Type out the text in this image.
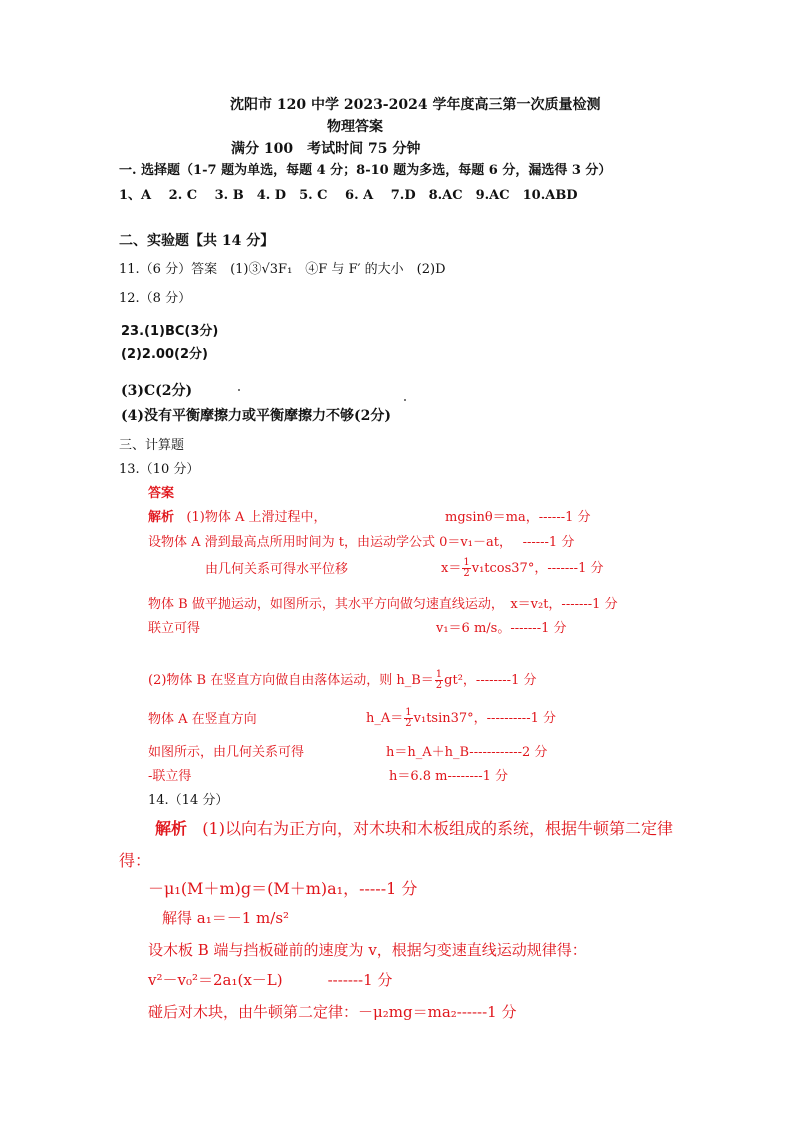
沈阳市 120 中学 2023-2024 学年度高三第一次质量检测
物理答案
满分 100　考试时间 75 分钟
一. 选择题（1-7 题为单选，每题 4 分；8-10 题为多选，每题 6 分，漏选得 3 分）
1、A　 2. C　 3. B　4. D　5. C　 6. A　 7.D　8.AC　9.AC　10.ABD
二、实验题【共 14 分】
11.（6 分）答案　(1)③√3F₁　④F 与 F′ 的大小　(2)D
12.（8 分）
23.(1)BC(3分)
(2)2.00(2分)
(3)C(2分)
(4)没有平衡摩擦力或平衡摩擦力不够(2分)
三、计算题
13.（10 分）
答案
解析 (1)物体 A 上滑过程中，	mgsinθ＝ma，------1 分
设物体 A 滑到最高点所用时间为 t，由运动学公式 0＝v₁－at，　 ------1 分
由几何关系可得水平位移	$x= \frac{1}{2} v_1tcos37^\circ$，-------1 分
物体 B 做平抛运动，如图所示，其水平方向做匀速直线运动，　x＝v₂t，-------1 分
联立可得	v₁＝6 m/s。-------1 分
(2)物体 B 在竖直方向做自由落体运动，则 h_B＝ $\frac{1}{2} gt^2$，--------1 分
物体 A 在竖直方向	h_A＝ $\frac{1}{2} v_1tsin37^\circ$，----------1 分
如图所示，由几何关系可得	h＝h_A＋h_B------------2 分
-联立得	h＝6.8 m--------1 分
14.（14 分）
解析 (1)以向右为正方向，对木块和木板组成的系统，根据牛顿第二定律
得：
－μ₁(M＋m)g＝(M＋m)a₁，-----1 分
解得 a₁＝－1 m/s²
设木板 B 端与挡板碰前的速度为 v，根据匀变速直线运动规律得：
v²－v₀²＝2a₁(x－L)　　　-------1 分
碰后对木块，由牛顿第二定律：－μ₂mg＝ma₂------1 分
